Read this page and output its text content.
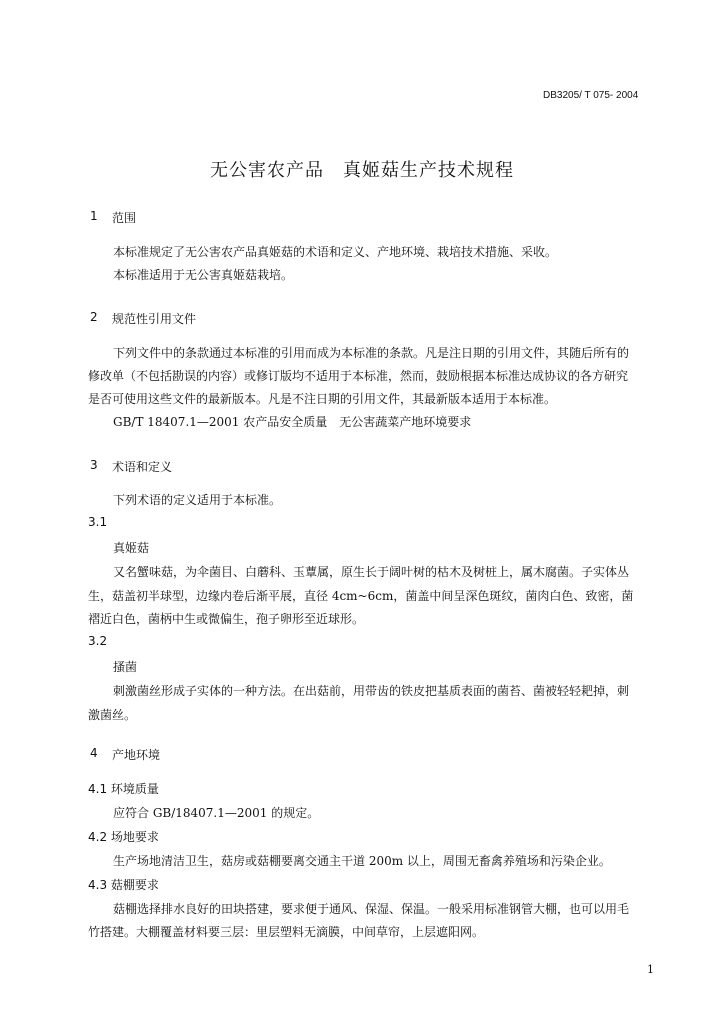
DB3205/ T 075- 2004
无公害农产品　真姬菇生产技术规程
1 范围
本标准规定了无公害农产品真姬菇的术语和定义、产地环境、栽培技术措施、采收。
本标准适用于无公害真姬菇栽培。
2 规范性引用文件
下列文件中的条款通过本标准的引用而成为本标准的条款。凡是注日期的引用文件，其随后所有的
修改单（不包括勘误的内容）或修订版均不适用于本标准，然而，鼓励根据本标准达成协议的各方研究
是否可使用这些文件的最新版本。凡是不注日期的引用文件，其最新版本适用于本标准。
GB/T 18407.1—2001 农产品安全质量　无公害蔬菜产地环境要求
3 术语和定义
下列术语的定义适用于本标准。
3.1
真姬菇
又名蟹味菇，为伞菌目、白蘑科、玉蕈属，原生长于阔叶树的枯木及树桩上，属木腐菌。子实体丛
生，菇盖初半球型，边缘内卷后渐平展，直径 4cm~6cm，菌盖中间呈深色斑纹，菌肉白色、致密，菌
褶近白色，菌柄中生或微偏生，孢子卵形至近球形。
3.2
搔菌
刺激菌丝形成子实体的一种方法。在出菇前，用带齿的铁皮把基质表面的菌苔、菌被轻轻耙掉，刺
激菌丝。
4 产地环境
4.1 环境质量
应符合 GB/18407.1—2001 的规定。
4.2 场地要求
生产场地清洁卫生，菇房或菇棚要离交通主干道 200m 以上，周围无畜禽养殖场和污染企业。
4.3 菇棚要求
菇棚选择排水良好的田块搭建，要求便于通风、保湿、保温。一般采用标准钢管大棚，也可以用毛
竹搭建。大棚覆盖材料要三层：里层塑料无滴膜，中间草帘，上层遮阳网。
1
